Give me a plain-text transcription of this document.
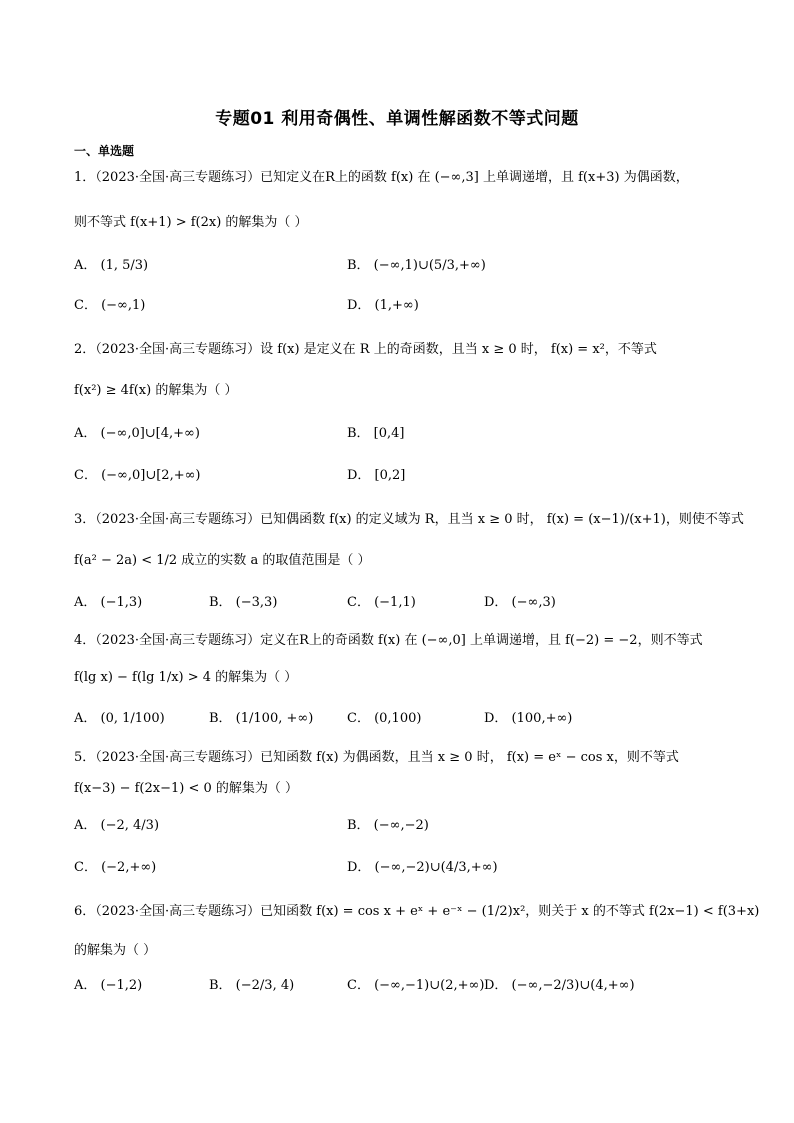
专题01 利用奇偶性、单调性解函数不等式问题
一、单选题
1．（2023·全国·高三专题练习）已知定义在R上的函数 f(x) 在 (−∞,3] 上单调递增，且 f(x+3) 为偶函数，
则不等式 f(x+1) > f(2x) 的解集为（ ）
A． (1, 5/3)	B． (−∞,1)∪(5/3,+∞)
C． (−∞,1)	D． (1,+∞)
2．（2023·全国·高三专题练习）设 f(x) 是定义在 R 上的奇函数，且当 x ≥ 0 时， f(x) = x²，不等式
f(x²) ≥ 4f(x) 的解集为（ ）
A． (−∞,0]∪[4,+∞)	B． [0,4]
C． (−∞,0]∪[2,+∞)	D． [0,2]
3．（2023·全国·高三专题练习）已知偶函数 f(x) 的定义域为 R，且当 x ≥ 0 时， f(x) = (x−1)/(x+1)，则使不等式
f(a² − 2a) < 1/2 成立的实数 a 的取值范围是（ ）
A． (−1,3)	B． (−3,3)	C． (−1,1)	D． (−∞,3)
4．（2023·全国·高三专题练习）定义在R上的奇函数 f(x) 在 (−∞,0] 上单调递增，且 f(−2) = −2，则不等式
f(lg x) − f(lg 1/x) > 4 的解集为（ ）
A． (0, 1/100)	B． (1/100, +∞)	C． (0,100)	D． (100,+∞)
5．（2023·全国·高三专题练习）已知函数 f(x) 为偶函数，且当 x ≥ 0 时， f(x) = eˣ − cos x，则不等式
f(x−3) − f(2x−1) < 0 的解集为（ ）
A． (−2, 4/3)	B． (−∞,−2)
C． (−2,+∞)	D． (−∞,−2)∪(4/3,+∞)
6．（2023·全国·高三专题练习）已知函数 f(x) = cos x + eˣ + e⁻ˣ − (1/2)x²，则关于 x 的不等式 f(2x−1) < f(3+x)
的解集为（ ）
A． (−1,2)	B． (−2/3, 4)	C． (−∞,−1)∪(2,+∞) D． (−∞,−2/3)∪(4,+∞)
